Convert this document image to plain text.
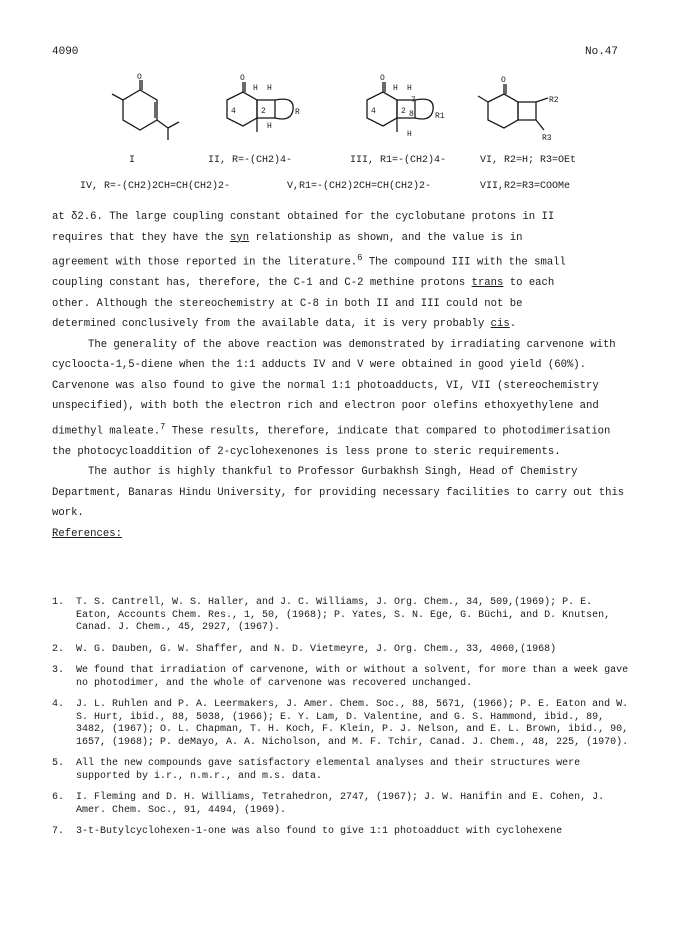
4090	No.47
O	O
H H
2
4
H
R
O
H H
2
7
8
4
H
R1
O
R2
R3
I	II, R=-(CH2)4-	III, R1=-(CH2)4-	VI, R2=H; R3=OEt
IV, R=-(CH2)2CH=CH(CH2)2-	V,R1=-(CH2)2CH=CH(CH2)2-	VII,R2=R3=COOMe

at δ2.6. The large coupling constant obtained for the cyclobutane protons in II
requires that they have the syn relationship as shown, and the value is in
agreement with those reported in the literature.$^6$ The compound III with the small
coupling constant has, therefore, the C-1 and C-2 methine protons trans to each
other. Although the stereochemistry at C-8 in both II and III could not be
determined conclusively from the available data, it is very probably cis.

The generality of the above reaction was demonstrated by irradiating carvenone with cycloocta-1,5-diene when the 1:1 adducts IV and V were obtained in good yield (60%). Carvenone was also found to give the normal 1:1 photoadducts, VI, VII (stereochemistry unspecified), with both the electron rich and electron poor olefins ethoxyethylene and dimethyl maleate.$^7$ These results, therefore, indicate that compared to photodimerisation the photocycloaddition of 2-cyclohexenones is less prone to steric requirements.

The author is highly thankful to Professor Gurbakhsh Singh, Head of Chemistry Department, Banaras Hindu University, for providing necessary facilities to carry out this work.

References:

1.	T. S. Cantrell, W. S. Haller, and J. C. Williams, J. Org. Chem., 34, 509,(1969); P. E. Eaton, Accounts Chem. Res., 1, 50, (1968); P. Yates, S. N. Ege, G. Büchi, and D. Knutsen, Canad. J. Chem., 45, 2927, (1967).
2.	W. G. Dauben, G. W. Shaffer, and N. D. Vietmeyre, J. Org. Chem., 33, 4060,(1968)
3.	We found that irradiation of carvenone, with or without a solvent, for more than a week gave no photodimer, and the whole of carvenone was recovered unchanged.
4.	J. L. Ruhlen and P. A. Leermakers, J. Amer. Chem. Soc., 88, 5671, (1966); P. E. Eaton and W. S. Hurt, ibid., 88, 5038, (1966); E. Y. Lam, D. Valentine, and G. S. Hammond, ibid., 89, 3482, (1967); O. L. Chapman, T. H. Koch, F. Klein, P. J. Nelson, and E. L. Brown, ibid., 90, 1657, (1968); P. deMayo, A. A. Nicholson, and M. F. Tchir, Canad. J. Chem., 48, 225, (1970).
5.	All the new compounds gave satisfactory elemental analyses and their structures were supported by i.r., n.m.r., and m.s. data.
6.	I. Fleming and D. H. Williams, Tetrahedron, 2747, (1967); J. W. Hanifin and E. Cohen, J. Amer. Chem. Soc., 91, 4494, (1969).
7.	3-t-Butylcyclohexen-1-one was also found to give 1:1 photoadduct with cyclohexene
